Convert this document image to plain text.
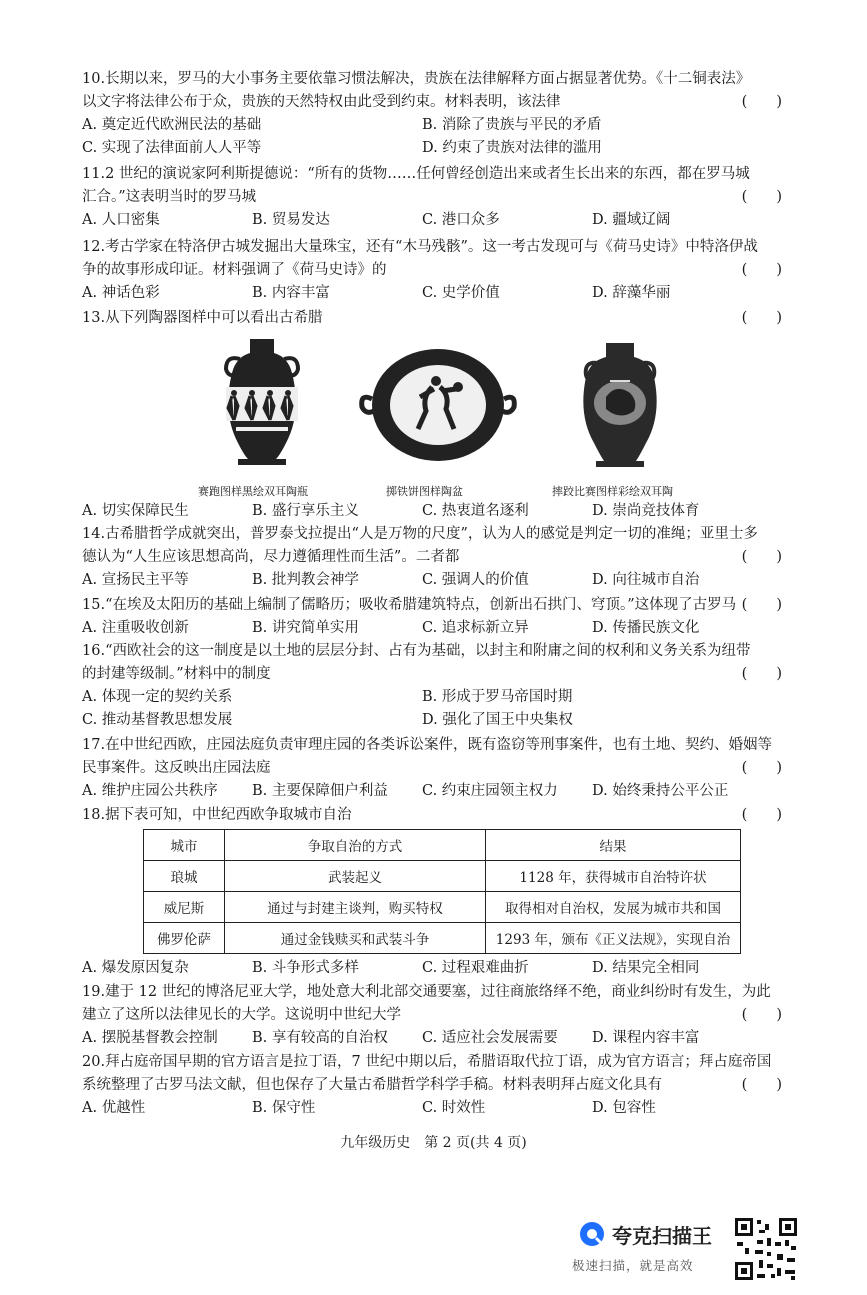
10.长期以来，罗马的大小事务主要依靠习惯法解决，贵族在法律解释方面占据显著优势。《十二铜表法》

以文字将法律公布于众，贵族的天然特权由此受到约束。材料表明，该法律	(　　)

A. 奠定近代欧洲民法的基础	B. 消除了贵族与平民的矛盾
C. 实现了法律面前人人平等	D. 约束了贵族对法律的滥用

11.2 世纪的演说家阿利斯提德说：“所有的货物……任何曾经创造出来或者生长出来的东西，都在罗马城

汇合。”这表明当时的罗马城	(　　)

A. 人口密集	B. 贸易发达	C. 港口众多	D. 疆域辽阔

12.考古学家在特洛伊古城发掘出大量珠宝，还有“木马残骸”。这一考古发现可与《荷马史诗》中特洛伊战

争的故事形成印证。材料强调了《荷马史诗》的	(　　)

A. 神话色彩	B. 内容丰富	C. 史学价值	D. 辞藻华丽

13.从下列陶器图样中可以看出古希腊	(　　)

赛跑图样黑绘双耳陶瓶	掷铁饼图样陶盆	摔跤比赛图样彩绘双耳陶
A. 切实保障民生	B. 盛行享乐主义	C. 热衷道名逐利	D. 崇尚竞技体育

14.古希腊哲学成就突出，普罗泰戈拉提出“人是万物的尺度”，认为人的感觉是判定一切的准绳；亚里士多

德认为“人生应该思想高尚，尽力遵循理性而生活”。二者都	(　　)

A. 宣扬民主平等	B. 批判教会神学	C. 强调人的价值	D. 向往城市自治

15.“在埃及太阳历的基础上编制了儒略历；吸收希腊建筑特点，创新出石拱门、穹顶。”这体现了古罗马 (　　)

A. 注重吸收创新	B. 讲究简单实用	C. 追求标新立异	D. 传播民族文化

16.“西欧社会的这一制度是以土地的层层分封、占有为基础，以封主和附庸之间的权利和义务关系为纽带

的封建等级制。”材料中的制度	(　　)

A. 体现一定的契约关系	B. 形成于罗马帝国时期
C. 推动基督教思想发展	D. 强化了国王中央集权

17.在中世纪西欧，庄园法庭负责审理庄园的各类诉讼案件，既有盗窃等刑事案件，也有土地、契约、婚姻等

民事案件。这反映出庄园法庭	(　　)

A. 维护庄园公共秩序	B. 主要保障佃户利益	C. 约束庄园领主权力	D. 始终秉持公平公正

18.据下表可知，中世纪西欧争取城市自治	(　　)

城市	争取自治的方式	结果
琅城	武装起义	1128 年，获得城市自治特许状
威尼斯	通过与封建主谈判，购买特权	取得相对自治权，发展为城市共和国
佛罗伦萨	通过金钱赎买和武装斗争	1293 年，颁布《正义法规》，实现自治
A. 爆发原因复杂	B. 斗争形式多样	C. 过程艰难曲折	D. 结果完全相同

19.建于 12 世纪的博洛尼亚大学，地处意大利北部交通要塞，过往商旅络绎不绝，商业纠纷时有发生，为此

建立了这所以法律见长的大学。这说明中世纪大学	(　　)

A. 摆脱基督教会控制	B. 享有较高的自治权	C. 适应社会发展需要	D. 课程内容丰富

20.拜占庭帝国早期的官方语言是拉丁语，7 世纪中期以后，希腊语取代拉丁语，成为官方语言；拜占庭帝国

系统整理了古罗马法文献，但也保存了大量古希腊哲学科学手稿。材料表明拜占庭文化具有	(　　)

A. 优越性	B. 保守性	C. 时效性	D. 包容性
九年级历史　第 2 页(共 4 页)
夸克扫描王
极速扫描，就是高效
